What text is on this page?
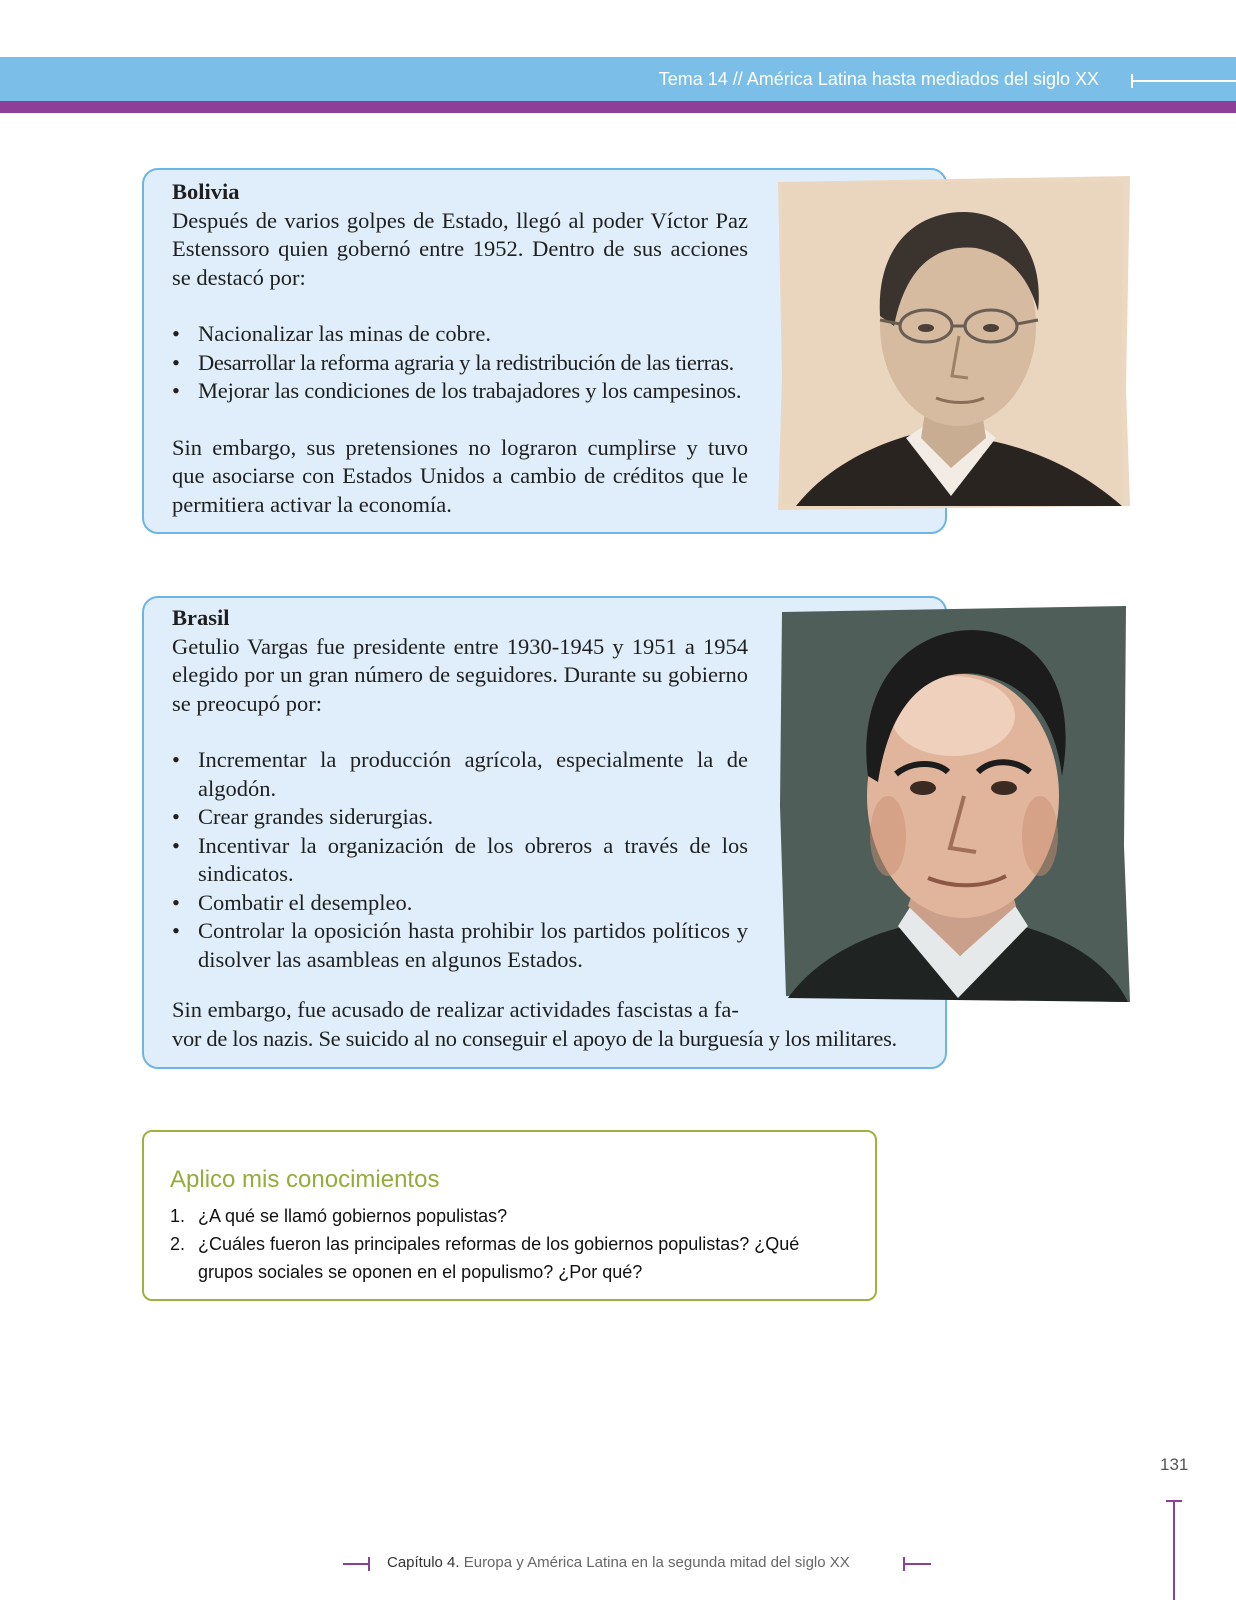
Tema 14 // América Latina hasta mediados del siglo XX
Bolivia
Después de varios golpes de Estado, llegó al poder Víctor Paz Estenssoro quien gobernó entre 1952. Dentro de sus acciones se destacó por:
• Nacionalizar las minas de cobre.
• Desarrollar la reforma agraria y la redistribución de las tierras.
• Mejorar las condiciones de los trabajadores y los campesinos.
Sin embargo, sus pretensiones no lograron cumplirse y tuvo que asociarse con Estados Unidos a cambio de créditos que le permitiera activar la economía.
Brasil
Getulio Vargas fue presidente entre 1930-1945 y 1951 a 1954 elegido por un gran número de seguidores. Durante su gobierno se preocupó por:
• Incrementar la producción agrícola, especialmente la de algodón.
• Crear grandes siderurgias.
• Incentivar la organización de los obreros a través de los sindicatos.
• Combatir el desempleo.
• Controlar la oposición hasta prohibir los partidos políticos y disolver las asambleas en algunos Estados.
Sin embargo, fue acusado de realizar actividades fascistas a fa-
vor de los nazis. Se suicido al no conseguir el apoyo de la burguesía y los militares.
Aplico mis conocimientos
1. ¿A qué se llamó gobiernos populistas?
2. ¿Cuáles fueron las principales reformas de los gobiernos populistas? ¿Qué grupos sociales se oponen en el populismo? ¿Por qué?
131
Capítulo 4. Europa y América Latina en la segunda mitad del siglo XX
